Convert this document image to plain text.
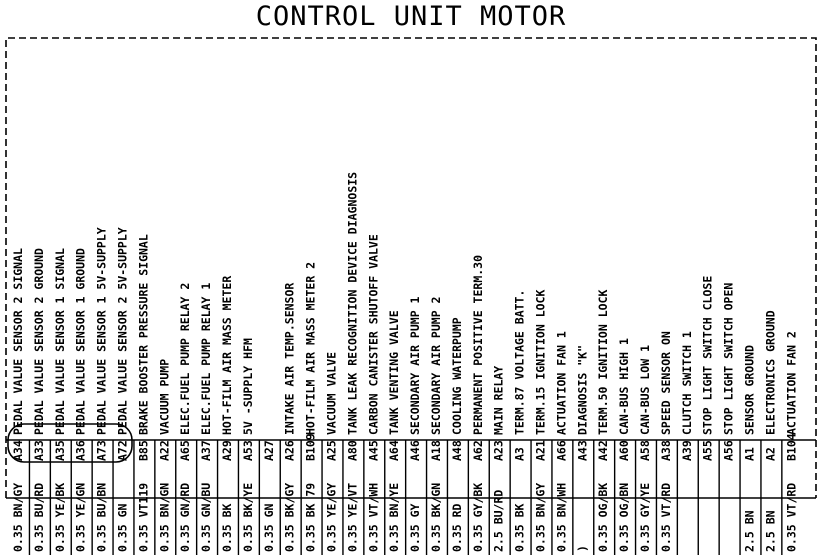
CONTROL UNIT MOTOR
PEDAL VALUE SENSOR 2 SIGNAL
A34
0.35 BN/GY
PEDAL VALUE SENSOR 2 GROUND
A33
0.35 BU/RD
PEDAL VALUE SENSOR 1 SIGNAL
A35
0.35 YE/BK
PEDAL VALUE SENSOR 1 GROUND
A36
0.35 YE/GN
PEDAL VALUE SENSOR 1 5V-SUPPLY
A73
0.35 BU/BN
PEDAL VALUE SENSOR 2 5V-SUPPLY
A72
0.35 GN
BRAKE BOOSTER PRESSURE SIGNAL
B85
0.35 VT119
VACUUM PUMP
A22
0.35 BN/GN
ELEC.FUEL PUMP RELAY 2
A65
0.35 GN/RD
ELEC.FUEL PUMP RELAY 1
A37
0.35 GN/BU
HOT-FILM AIR MASS METER
A29
0.35 BK
5V -SUPPLY HFM
A53
0.35 BK/YE
A27
0.35 GN
INTAKE AIR TEMP.SENSOR
A26
0.35 BK/GY
HOT-FILM AIR MASS METER 2
B109
0.35 BK 79
VACUUM VALVE
A25
0.35 YE/GY
TANK LEAK RECOGNITION DEVICE DIAGNOSIS
A80
0.35 YE/VT
CARBON CANISTER SHUTOFF VALVE
A45
0.35 VT/WH
TANK VENTING VALVE
A64
0.35 BN/YE
SECONDARY AIR PUMP 1
A46
0.35 GY
SECONDARY AIR PUMP 2
A18
0.35 BK/GN
COOLING WATERPUMP
A48
0.35 RD
PERMANENT POSITIVE TERM.30
A62
0.35 GY/BK
MAIN RELAY
A23
2.5 BU/RD
TERM.87 VOLTAGE BATT.
A3
0.35 BK
TERM.15 IGNITION LOCK
A21
0.35 BN/GY
ACTUATION FAN 1
A66
0.35 BN/WH
DIAGNOSIS "K"
A43
)
TERM.50 IGNITION LOCK
A42
0.35 OG/BK
CAN-BUS HIGH 1
A60
0.35 OG/BN
CAN-BUS LOW 1
A58
0.35 GY/YE
SPEED SENSOR ON
A38
0.35 VT/RD
CLUTCH SWITCH 1
A39
STOP LIGHT SWITCH CLOSE
A55
STOP LIGHT SWITCH OPEN
A56
SENSOR GROUND
A1
2.5 BN
ELECTRONICS GROUND
A2
2.5 BN
ACTUATION FAN 2
B104
0.35 VT/RD
